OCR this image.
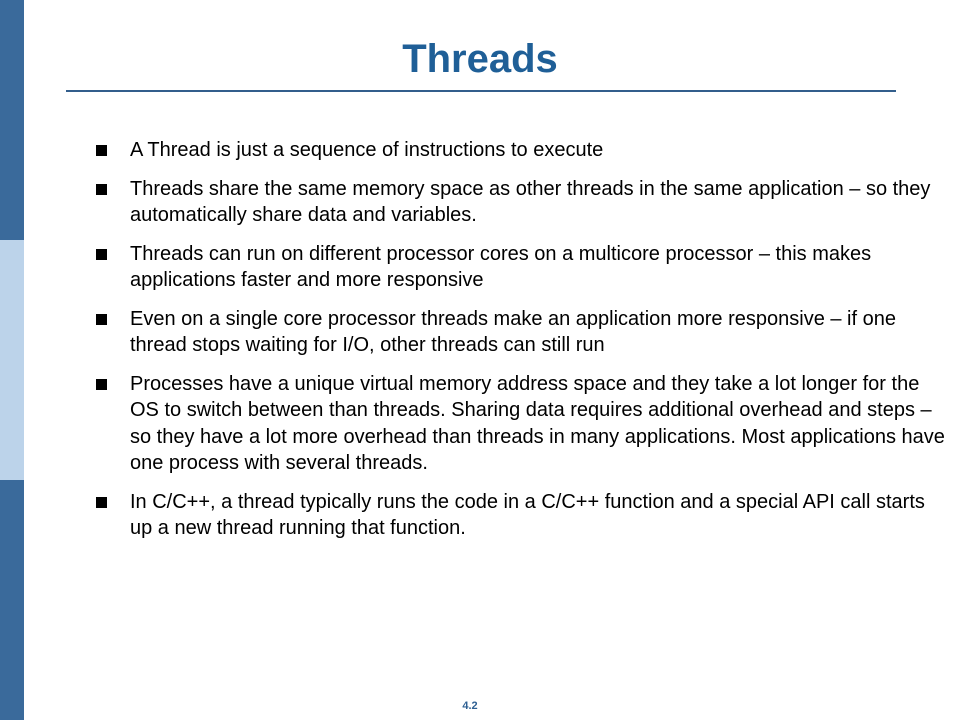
Threads
A Thread is just a sequence of instructions to execute
Threads share the same memory space as other threads in the same application – so they automatically share data and variables.
Threads can run on different processor cores on a multicore processor – this makes applications faster and more responsive
Even on a single core processor threads make an application more responsive – if one thread stops waiting for I/O, other threads can still run
Processes have a unique virtual memory address space and they take a lot longer for the OS to switch between than threads. Sharing data requires additional overhead and steps – so they have a lot more overhead than threads in many applications. Most applications have one process with several threads.
In C/C++, a thread typically runs the code in a C/C++ function and a special API call starts up a new thread running that function.
4.2
